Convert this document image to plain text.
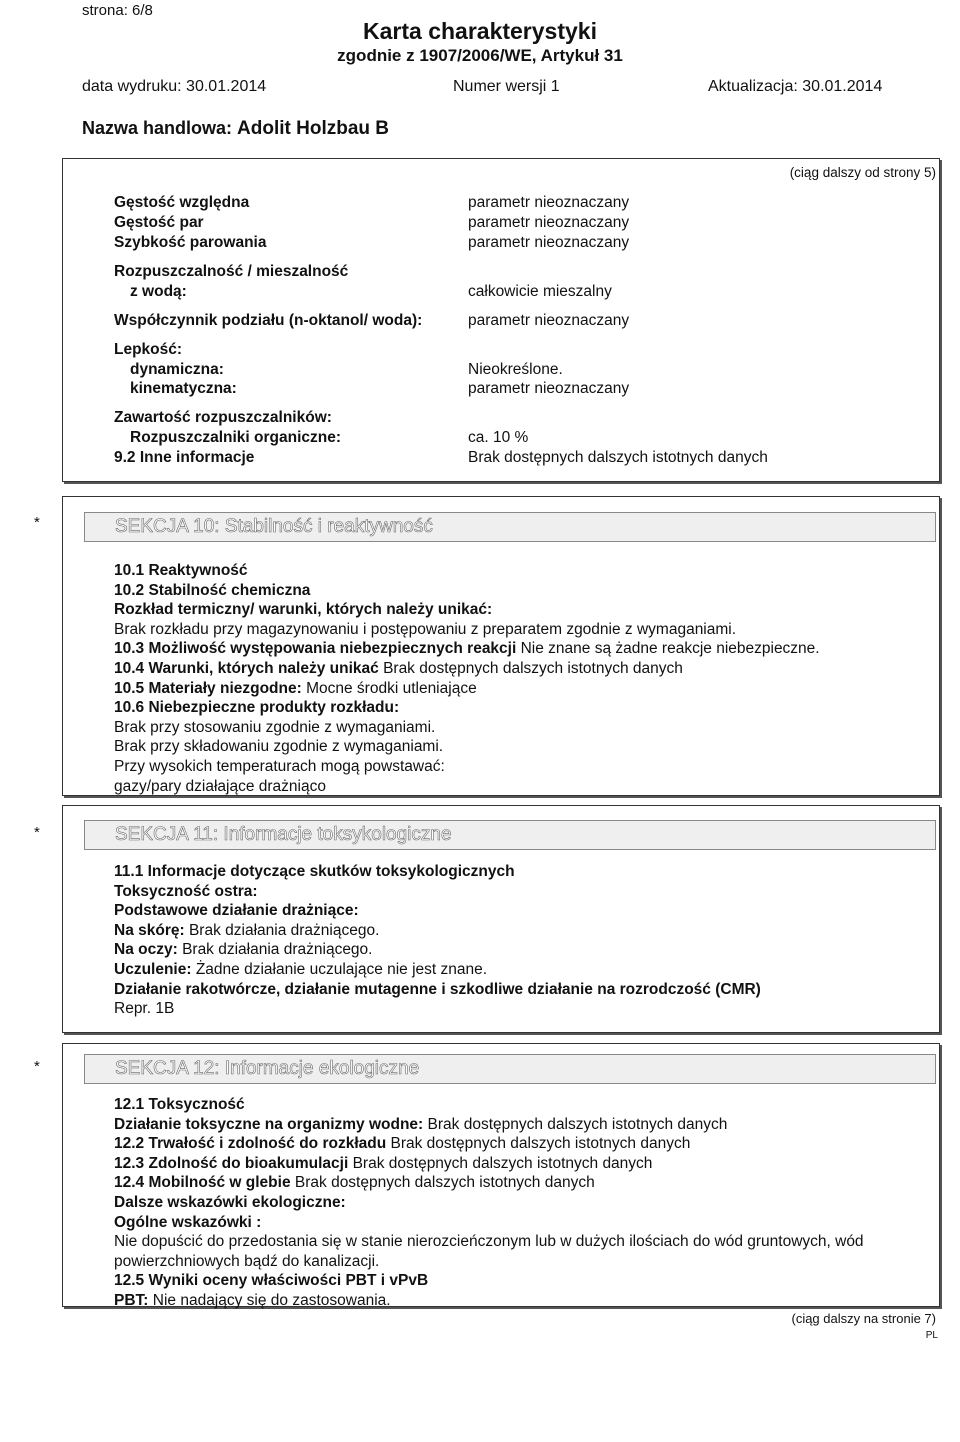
strona: 6/8
Karta charakterystyki
zgodnie z 1907/2006/WE, Artykuł 31
data wydruku: 30.01.2014	Numer wersji 1	Aktualizacja: 30.01.2014
Nazwa handlowa: Adolit Holzbau B
(ciąg dalszy od strony 5)
Gęstość względna	parametr nieoznaczany
Gęstość par	parametr nieoznaczany
Szybkość parowania	parametr nieoznaczany
Rozpuszczalność / mieszalność
z wodą:	całkowicie mieszalny
Współczynnik podziału (n-oktanol/ woda):	parametr nieoznaczany
Lepkość:
dynamiczna:	Nieokreślone.
kinematyczna:	parametr nieoznaczany
Zawartość rozpuszczalników:
Rozpuszczalniki organiczne:	ca. 10 %
9.2 Inne informacje	Brak dostępnych dalszych istotnych danych
*	SEKCJA 10: Stabilność i reaktywność
10.1 Reaktywność
10.2 Stabilność chemiczna
Rozkład termiczny/ warunki, których należy unikać:
Brak rozkładu przy magazynowaniu i postępowaniu z preparatem zgodnie z wymaganiami.
10.3 Możliwość występowania niebezpiecznych reakcji Nie znane są żadne reakcje niebezpieczne.
10.4 Warunki, których należy unikać Brak dostępnych dalszych istotnych danych
10.5 Materiały niezgodne: Mocne środki utleniające
10.6 Niebezpieczne produkty rozkładu:
Brak przy stosowaniu zgodnie z wymaganiami.
Brak przy składowaniu zgodnie z wymaganiami.
Przy wysokich temperaturach mogą powstawać:
gazy/pary działające drażniąco
*	SEKCJA 11: Informacje toksykologiczne
11.1 Informacje dotyczące skutków toksykologicznych
Toksyczność ostra:
Podstawowe działanie drażniące:
Na skórę: Brak działania drażniącego.
Na oczy: Brak działania drażniącego.
Uczulenie: Żadne działanie uczulające nie jest znane.
Działanie rakotwórcze, działanie mutagenne i szkodliwe działanie na rozrodczość (CMR)
Repr. 1B
*	SEKCJA 12: Informacje ekologiczne
12.1 Toksyczność
Działanie toksyczne na organizmy wodne: Brak dostępnych dalszych istotnych danych
12.2 Trwałość i zdolność do rozkładu Brak dostępnych dalszych istotnych danych
12.3 Zdolność do bioakumulacji Brak dostępnych dalszych istotnych danych
12.4 Mobilność w glebie Brak dostępnych dalszych istotnych danych
Dalsze wskazówki ekologiczne:
Ogólne wskazówki :
Nie dopuścić do przedostania się w stanie nierozcieńczonym lub w dużych ilościach do wód gruntowych, wód powierzchniowych bądź do kanalizacji.
12.5 Wyniki oceny właściwości PBT i vPvB
PBT: Nie nadający się do zastosowania.
(ciąg dalszy na stronie 7)
PL
